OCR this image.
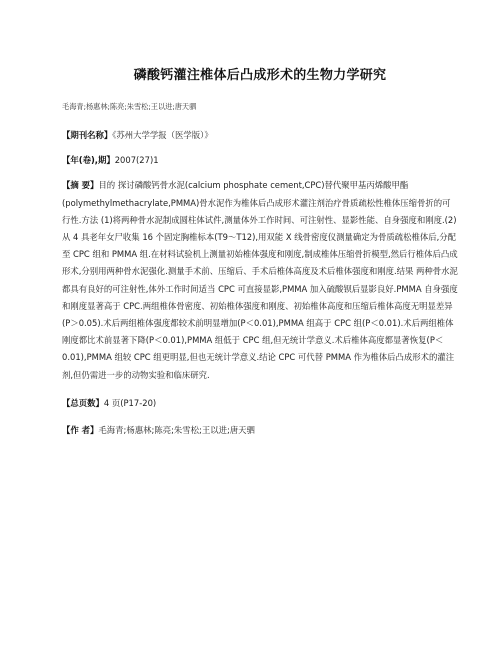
磷酸钙灌注椎体后凸成形术的生物力学研究
毛海青;杨惠林;陈亮;朱雪松;王以进;唐天驷
【期刊名称】《苏州大学学报（医学版）》
【年(卷),期】2007(27)1
【摘 要】目的 探讨磷酸钙骨水泥(calcium phosphate cement,CPC)替代聚甲基丙烯酸甲酯(polymethylmethacrylate,PMMA)骨水泥作为椎体后凸成形术灌注剂治疗骨质疏松性椎体压缩骨折的可行性.方法 (1)将两种骨水泥制成圆柱体试件,测量体外工作时间、可注射性、显影性能、自身强度和刚度.(2)从 4 具老年女尸收集 16 个固定胸椎标本(T9～T12),用双能 X 线骨密度仪测量确定为骨质疏松椎体后,分配至 CPC 组和 PMMA 组.在材料试验机上测量初始椎体强度和刚度,制成椎体压缩骨折模型,然后行椎体后凸成形术,分别用两种骨水泥强化.测量手术前、压缩后、手术后椎体高度及术后椎体强度和刚度.结果 两种骨水泥都具有良好的可注射性,体外工作时间适当 CPC 可直接显影,PMMA 加入硫酸钡后显影良好.PMMA 自身强度和刚度显著高于 CPC.两组椎体骨密度、初始椎体强度和刚度、初始椎体高度和压缩后椎体高度无明显差异(P＞0.05).术后两组椎体强度都较术前明显增加(P＜0.01),PMMA 组高于 CPC 组(P＜0.01).术后两组椎体刚度都比术前显著下降(P＜0.01),PMMA 组低于 CPC 组,但无统计学意义.术后椎体高度都显著恢复(P＜0.01),PMMA 组较 CPC 组更明显,但也无统计学意义.结论 CPC 可代替 PMMA 作为椎体后凸成形术的灌注剂,但仍需进一步的动物实验和临床研究.
【总页数】4 页(P17-20)
【作 者】毛海青;杨惠林;陈亮;朱雪松;王以进;唐天驷
